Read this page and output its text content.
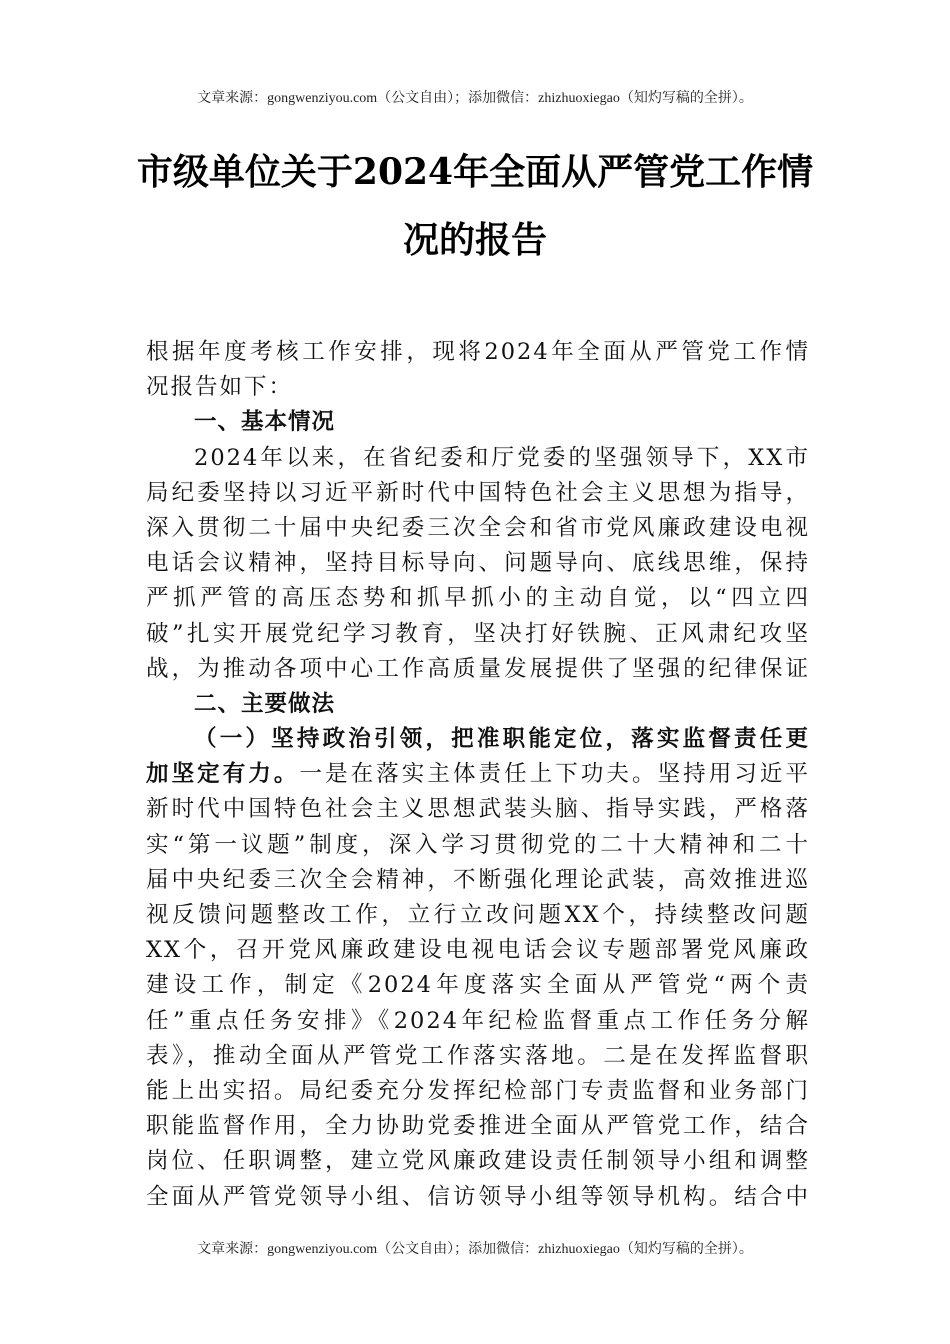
文章来源：gongwenziyou.com（公文自由）；添加微信：zhizhuoxiegao（知灼写稿的全拼）。
市级单位关于2024年全面从严管党工作情
况的报告
根据年度考核工作安排，现将2024年全面从严管党工作情
况报告如下：
一、基本情况
2024年以来，在省纪委和厅党委的坚强领导下，XX市
局纪委坚持以习近平新时代中国特色社会主义思想为指导，
深入贯彻二十届中央纪委三次全会和省市党风廉政建设电视
电话会议精神，坚持目标导向、问题导向、底线思维，保持
严抓严管的高压态势和抓早抓小的主动自觉，以“四立四
破”扎实开展党纪学习教育，坚决打好铁腕、正风肃纪攻坚
战，为推动各项中心工作高质量发展提供了坚强的纪律保证
二、主要做法
（一）坚持政治引领，把准职能定位，落实监督责任更
加坚定有力。一是在落实主体责任上下功夫。坚持用习近平
新时代中国特色社会主义思想武装头脑、指导实践，严格落
实“第一议题”制度，深入学习贯彻党的二十大精神和二十
届中央纪委三次全会精神，不断强化理论武装，高效推进巡
视反馈问题整改工作，立行立改问题XX个，持续整改问题
XX个，召开党风廉政建设电视电话会议专题部署党风廉政
建设工作，制定《2024年度落实全面从严管党“两个责
任”重点任务安排》《2024年纪检监督重点工作任务分解
表》，推动全面从严管党工作落实落地。二是在发挥监督职
能上出实招。局纪委充分发挥纪检部门专责监督和业务部门
职能监督作用，全力协助党委推进全面从严管党工作，结合
岗位、任职调整，建立党风廉政建设责任制领导小组和调整
全面从严管党领导小组、信访领导小组等领导机构。结合中
文章来源：gongwenziyou.com（公文自由）；添加微信：zhizhuoxiegao（知灼写稿的全拼）。
